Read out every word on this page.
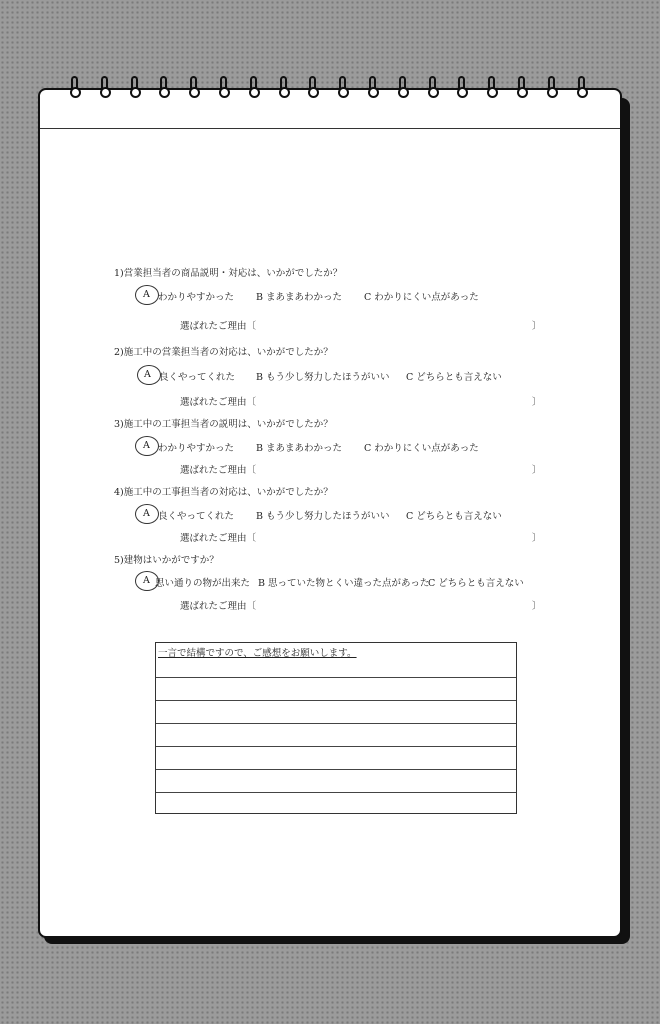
1)営業担当者の商品説明・対応は、いかがでしたか？
A わかりやすかった B まあまあわかった C わかりにくい点があった
選ばれたご理由〔	〕
2)施工中の営業担当者の対応は、いかがでしたか？
A 良くやってくれた B もう少し努力したほうがいい C どちらとも言えない
選ばれたご理由〔	〕
3)施工中の工事担当者の説明は、いかがでしたか？
A わかりやすかった B まあまあわかった C わかりにくい点があった
選ばれたご理由〔	〕
4)施工中の工事担当者の対応は、いかがでしたか？
A 良くやってくれた B もう少し努力したほうがいい C どちらとも言えない
選ばれたご理由〔	〕
5)建物はいかがですか？
A 思い通りの物が出来た B 思っていた物とくい違った点があった
C どちらとも言えない
選ばれたご理由〔	〕
一言で結構ですので、ご感想をお願いします。
